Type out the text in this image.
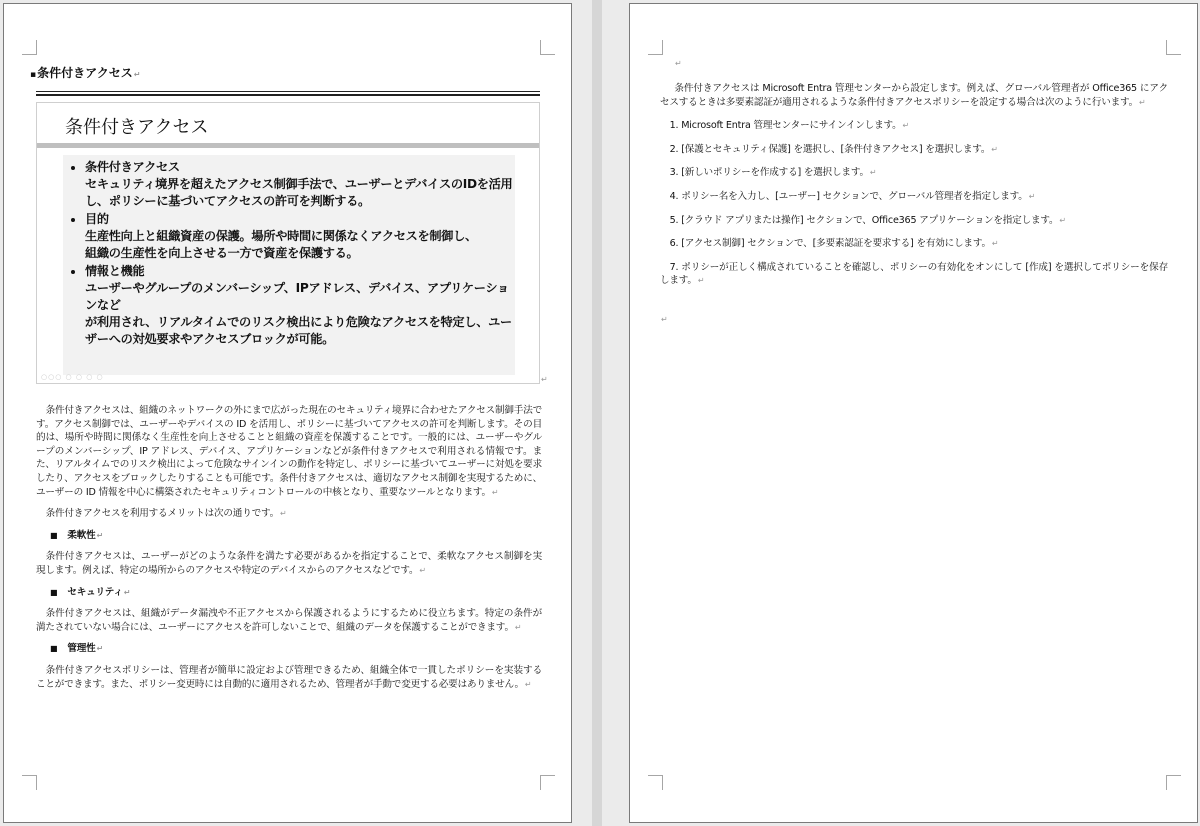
▪条件付きアクセス↵
条件付きアクセス
• 条件付きアクセス
セキュリティ境界を超えたアクセス制御手法で、ユーザーとデバイスのIDを活用
し、ポリシーに基づいてアクセスの許可を判断する。
• 目的
生産性向上と組織資産の保護。場所や時間に関係なくアクセスを制御し、
組織の生産性を向上させる一方で資産を保護する。
• 情報と機能
ユーザーやグループのメンバーシップ、IPアドレス、デバイス、アプリケーションなど
が利用され、リアルタイムでのリスク検出により危険なアクセスを特定し、ユー
ザーへの対処要求やアクセスブロックが可能。
○○○ ○ ○ ○ ○	↵

条件付きアクセスは、組織のネットワークの外にまで広がった現在のセキュリティ境界に合わせたアクセス制御手法です。アクセス制御では、ユーザーやデバイスの ID を活用し、ポリシーに基づいてアクセスの許可を判断します。その目的は、場所や時間に関係なく生産性を向上させることと組織の資産を保護することです。一般的には、ユーザーやグループのメンバーシップ、IP アドレス、デバイス、アプリケーションなどが条件付きアクセスで利用される情報です。また、リアルタイムでのリスク検出によって危険なサインインの動作を特定し、ポリシーに基づいてユーザーに対処を要求したり、アクセスをブロックしたりすることも可能です。条件付きアクセスは、適切なアクセス制御を実現するために、ユーザーの ID 情報を中心に構築されたセキュリティコントロールの中核となり、重要なツールとなります。↵

条件付きアクセスを利用するメリットは次の通りです。↵

■ 柔軟性↵

条件付きアクセスは、ユーザーがどのような条件を満たす必要があるかを指定することで、柔軟なアクセス制御を実現します。例えば、特定の場所からのアクセスや特定のデバイスからのアクセスなどです。↵

■ セキュリティ↵

条件付きアクセスは、組織がデータ漏洩や不正アクセスから保護されるようにするために役立ちます。特定の条件が満たされていない場合には、ユーザーにアクセスを許可しないことで、組織のデータを保護することができます。↵

■ 管理性↵

条件付きアクセスポリシーは、管理者が簡単に設定および管理できるため、組織全体で一貫したポリシーを実装することができます。また、ポリシー変更時には自動的に適用されるため、管理者が手動で変更する必要はありません。↵

↵

条件付きアクセスは Microsoft Entra 管理センターから設定します。例えば、グローバル管理者が Office365 にアクセスするときは多要素認証が適用されるような条件付きアクセスポリシーを設定する場合は次のように行います。↵

1. Microsoft Entra 管理センターにサインインします。↵

2. [保護とセキュリティ保護] を選択し、[条件付きアクセス] を選択します。↵

3. [新しいポリシーを作成する] を選択します。↵

4. ポリシー名を入力し、[ユーザー] セクションで、グローバル管理者を指定します。↵

5. [クラウド アプリまたは操作] セクションで、Office365 アプリケーションを指定します。↵

6. [アクセス制御] セクションで、[多要素認証を要求する] を有効にします。↵

7. ポリシーが正しく構成されていることを確認し、ポリシーの有効化をオンにして [作成] を選択してポリシーを保存します。↵

↵
